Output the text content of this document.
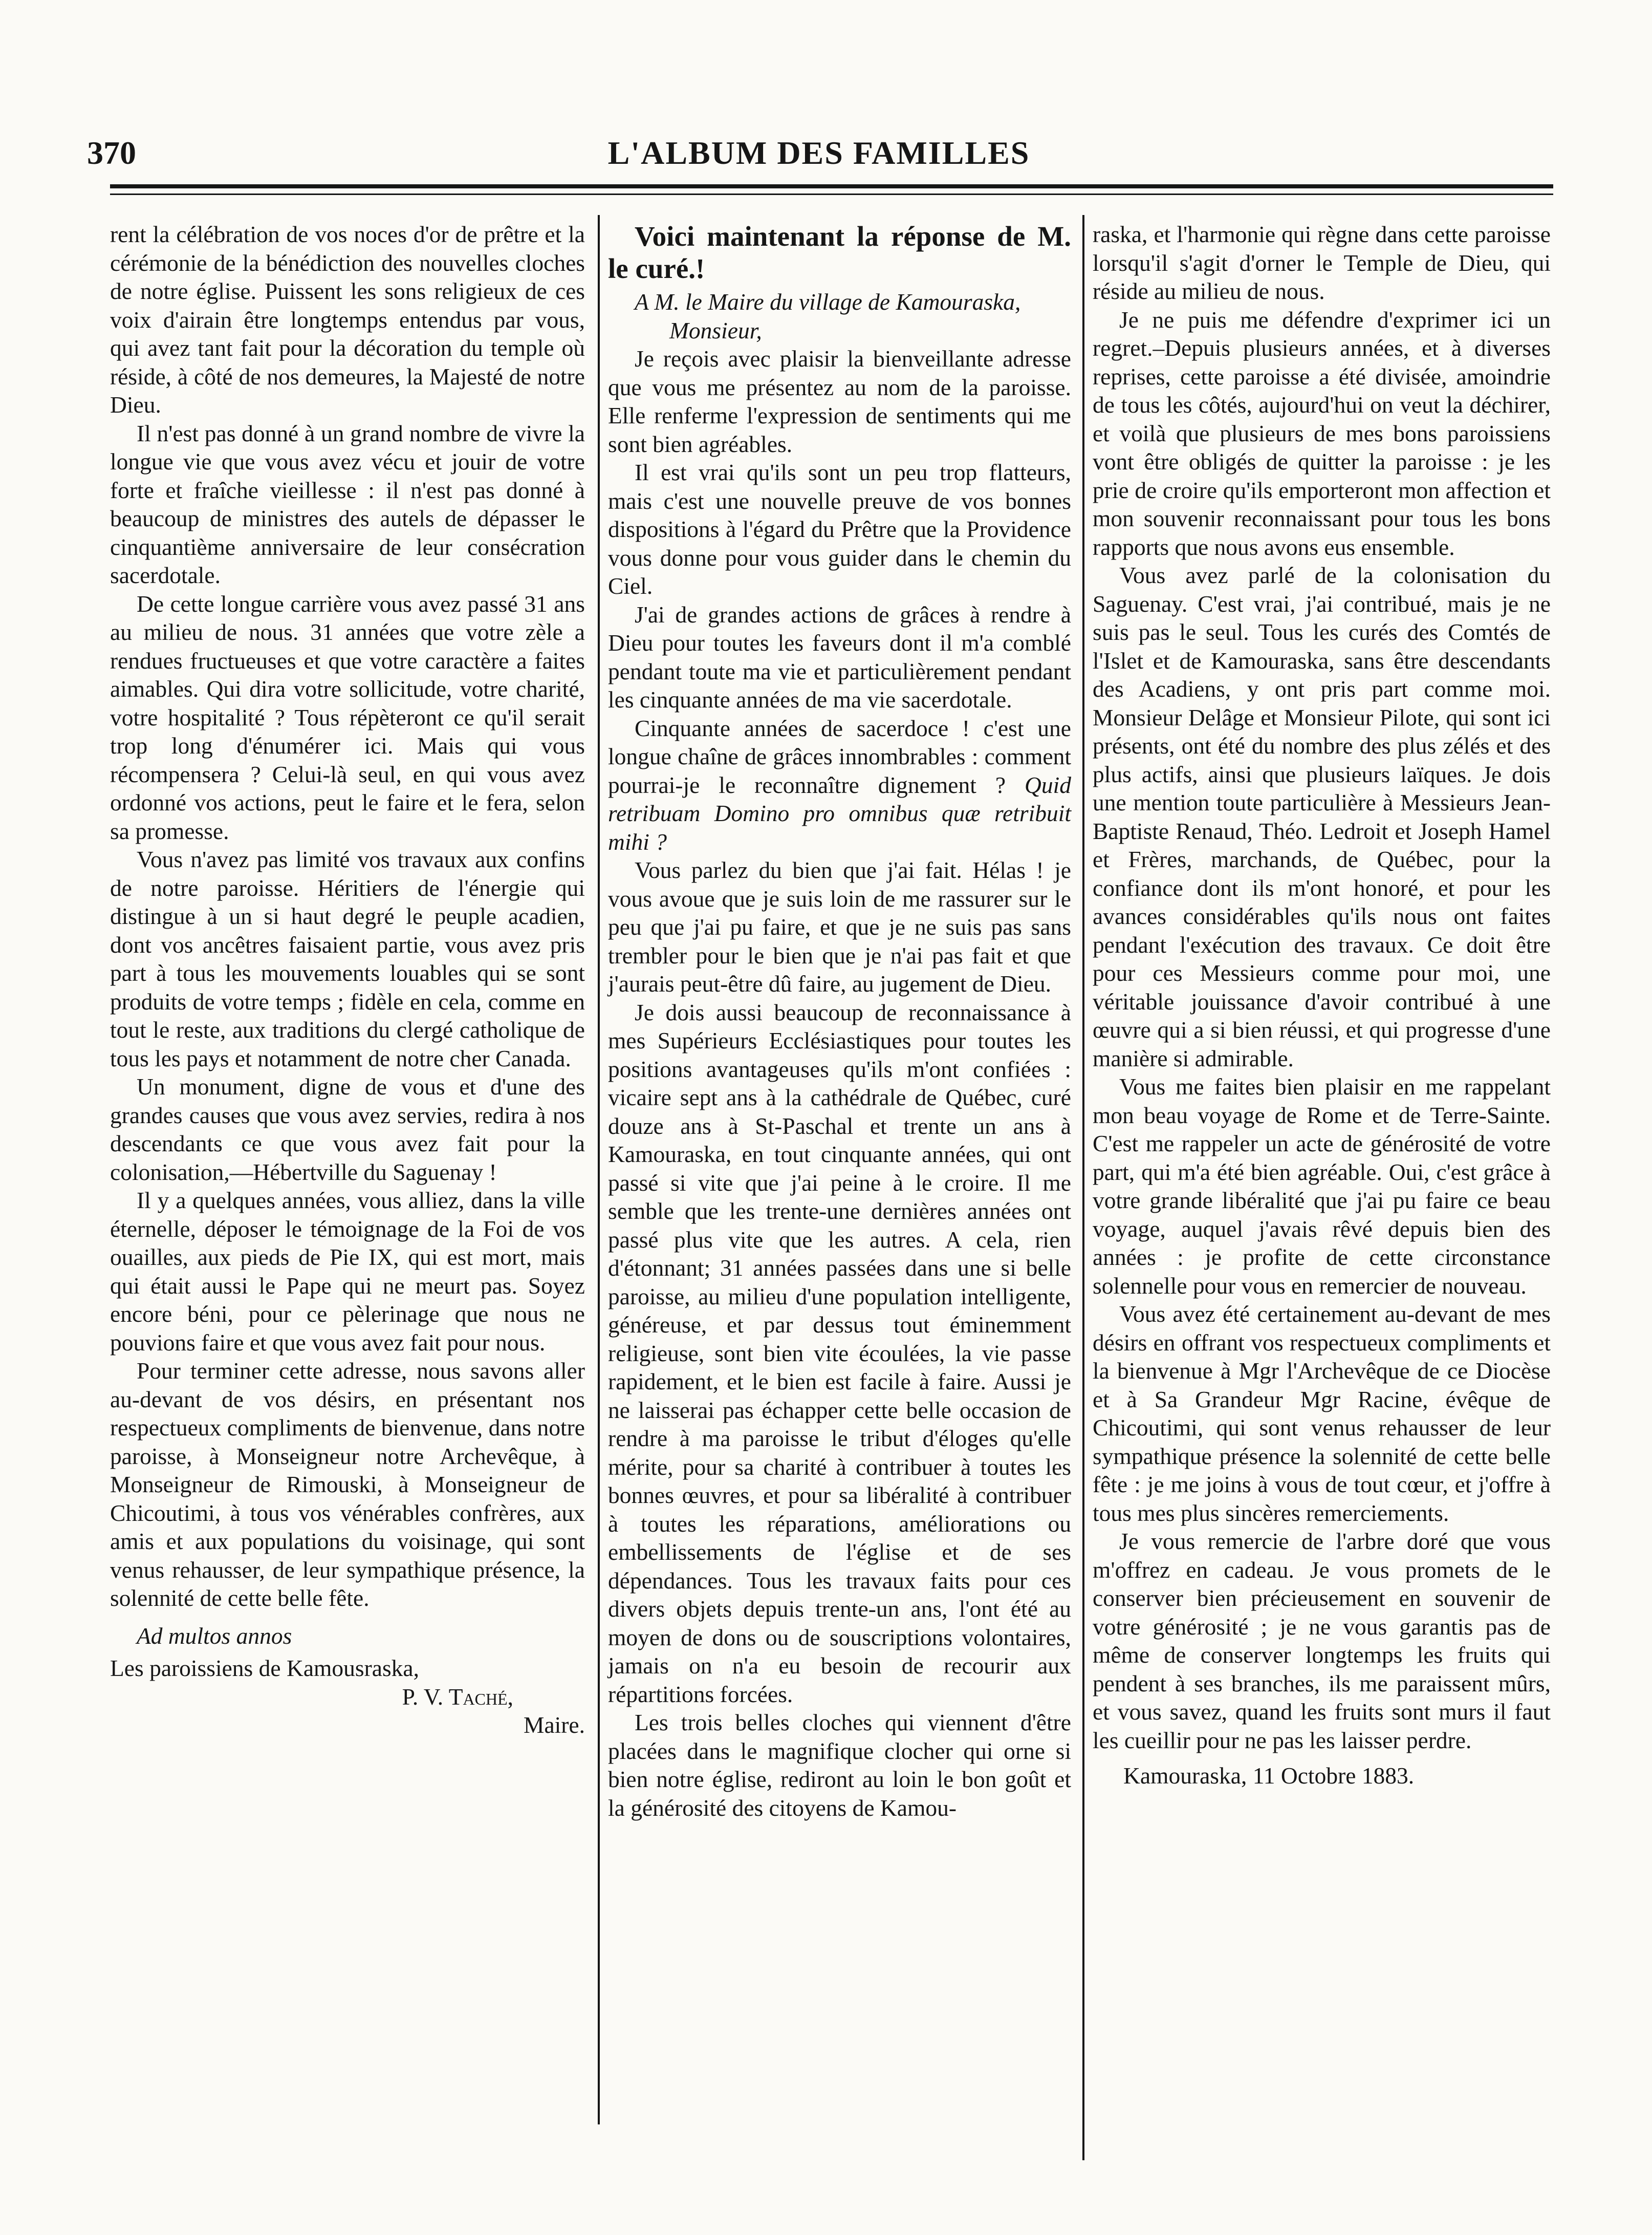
370	L'ALBUM DES FAMILLES

rent la célébration de vos noces d'or de prêtre et la cérémonie de la bénédiction des nouvelles cloches de notre église. Puissent les sons religieux de ces voix d'airain être longtemps entendus par vous, qui avez tant fait pour la décoration du temple où réside, à côté de nos demeures, la Majesté de notre Dieu.

Il n'est pas donné à un grand nombre de vivre la longue vie que vous avez vécu et jouir de votre forte et fraîche vieillesse : il n'est pas donné à beaucoup de ministres des autels de dépasser le cinquantième anniversaire de leur consécration sacerdotale.

De cette longue carrière vous avez passé 31 ans au milieu de nous. 31 années que votre zèle a rendues fructueuses et que votre caractère a faites aimables. Qui dira votre sollicitude, votre charité, votre hospitalité ? Tous répèteront ce qu'il serait trop long d'énumérer ici. Mais qui vous récompensera ? Celui-là seul, en qui vous avez ordonné vos actions, peut le faire et le fera, selon sa promesse.

Vous n'avez pas limité vos travaux aux confins de notre paroisse. Héritiers de l'énergie qui distingue à un si haut degré le peuple acadien, dont vos ancêtres faisaient partie, vous avez pris part à tous les mouvements louables qui se sont produits de votre temps ; fidèle en cela, comme en tout le reste, aux traditions du clergé catholique de tous les pays et notamment de notre cher Canada.

Un monument, digne de vous et d'une des grandes causes que vous avez servies, redira à nos descendants ce que vous avez fait pour la colonisation,—Hébertville du Saguenay !

Il y a quelques années, vous alliez, dans la ville éternelle, déposer le témoignage de la Foi de vos ouailles, aux pieds de Pie IX, qui est mort, mais qui était aussi le Pape qui ne meurt pas. Soyez encore béni, pour ce pèlerinage que nous ne pouvions faire et que vous avez fait pour nous.

Pour terminer cette adresse, nous savons aller au-devant de vos désirs, en présentant nos respectueux compliments de bienvenue, dans notre paroisse, à Monseigneur notre Archevêque, à Monseigneur de Rimouski, à Monseigneur de Chicoutimi, à tous vos vénérables confrères, aux amis et aux populations du voisinage, qui sont venus rehausser, de leur sympathique présence, la solennité de cette belle fête.

Ad multos annos

Les paroissiens de Kamousraska,

P. V. Taché,

Maire.

Voici maintenant la réponse de M. le curé.!

A M. le Maire du village de Kamouraska,

Monsieur,

Je reçois avec plaisir la bienveillante adresse que vous me présentez au nom de la paroisse. Elle renferme l'expression de sentiments qui me sont bien agréables.

Il est vrai qu'ils sont un peu trop flatteurs, mais c'est une nouvelle preuve de vos bonnes dispositions à l'égard du Prêtre que la Providence vous donne pour vous guider dans le chemin du Ciel.

J'ai de grandes actions de grâces à rendre à Dieu pour toutes les faveurs dont il m'a comblé pendant toute ma vie et particulièrement pendant les cinquante années de ma vie sacerdotale.

Cinquante années de sacerdoce ! c'est une longue chaîne de grâces innombrables : comment pourrai-je le reconnaître dignement ? Quid retribuam Domino pro omnibus quæ retribuit mihi ?

Vous parlez du bien que j'ai fait. Hélas ! je vous avoue que je suis loin de me rassurer sur le peu que j'ai pu faire, et que je ne suis pas sans trembler pour le bien que je n'ai pas fait et que j'aurais peut-être dû faire, au jugement de Dieu.

Je dois aussi beaucoup de reconnaissance à mes Supérieurs Ecclésiastiques pour toutes les positions avantageuses qu'ils m'ont confiées : vicaire sept ans à la cathédrale de Québec, curé douze ans à St-Paschal et trente un ans à Kamouraska, en tout cinquante années, qui ont passé si vite que j'ai peine à le croire. Il me semble que les trente-une dernières années ont passé plus vite que les autres. A cela, rien d'étonnant; 31 années passées dans une si belle paroisse, au milieu d'une population intelligente, généreuse, et par dessus tout éminemment religieuse, sont bien vite écoulées, la vie passe rapidement, et le bien est facile à faire. Aussi je ne laisserai pas échapper cette belle occasion de rendre à ma paroisse le tribut d'éloges qu'elle mérite, pour sa charité à contribuer à toutes les bonnes œuvres, et pour sa libéralité à contribuer à toutes les réparations, améliorations ou embellissements de l'église et de ses dépendances. Tous les travaux faits pour ces divers objets depuis trente-un ans, l'ont été au moyen de dons ou de souscriptions volontaires, jamais on n'a eu besoin de recourir aux répartitions forcées.

Les trois belles cloches qui viennent d'être placées dans le magnifique clocher qui orne si bien notre église, rediront au loin le bon goût et la générosité des citoyens de Kamou-

raska, et l'harmonie qui règne dans cette paroisse lorsqu'il s'agit d'orner le Temple de Dieu, qui réside au milieu de nous.

Je ne puis me défendre d'exprimer ici un regret.–Depuis plusieurs années, et à diverses reprises, cette paroisse a été divisée, amoindrie de tous les côtés, aujourd'hui on veut la déchirer, et voilà que plusieurs de mes bons paroissiens vont être obligés de quitter la paroisse : je les prie de croire qu'ils emporteront mon affection et mon souvenir reconnaissant pour tous les bons rapports que nous avons eus ensemble.

Vous avez parlé de la colonisation du Saguenay. C'est vrai, j'ai contribué, mais je ne suis pas le seul. Tous les curés des Comtés de l'Islet et de Kamouraska, sans être descendants des Acadiens, y ont pris part comme moi. Monsieur Delâge et Monsieur Pilote, qui sont ici présents, ont été du nombre des plus zélés et des plus actifs, ainsi que plusieurs laïques. Je dois une mention toute particulière à Messieurs Jean-Baptiste Renaud, Théo. Ledroit et Joseph Hamel et Frères, marchands, de Québec, pour la confiance dont ils m'ont honoré, et pour les avances considérables qu'ils nous ont faites pendant l'exécution des travaux. Ce doit être pour ces Messieurs comme pour moi, une véritable jouissance d'avoir contribué à une œuvre qui a si bien réussi, et qui progresse d'une manière si admirable.

Vous me faites bien plaisir en me rappelant mon beau voyage de Rome et de Terre-Sainte. C'est me rappeler un acte de générosité de votre part, qui m'a été bien agréable. Oui, c'est grâce à votre grande libéralité que j'ai pu faire ce beau voyage, auquel j'avais rêvé depuis bien des années : je profite de cette circonstance solennelle pour vous en remercier de nouveau.

Vous avez été certainement au-devant de mes désirs en offrant vos respectueux compliments et la bienvenue à Mgr l'Archevêque de ce Diocèse et à Sa Grandeur Mgr Racine, évêque de Chicoutimi, qui sont venus rehausser de leur sympathique présence la solennité de cette belle fête : je me joins à vous de tout cœur, et j'offre à tous mes plus sincères remerciements.

Je vous remercie de l'arbre doré que vous m'offrez en cadeau. Je vous promets de le conserver bien précieusement en souvenir de votre générosité ; je ne vous garantis pas de même de conserver longtemps les fruits qui pendent à ses branches, ils me paraissent mûrs, et vous savez, quand les fruits sont murs il faut les cueillir pour ne pas les laisser perdre.

Kamouraska, 11 Octobre 1883.
